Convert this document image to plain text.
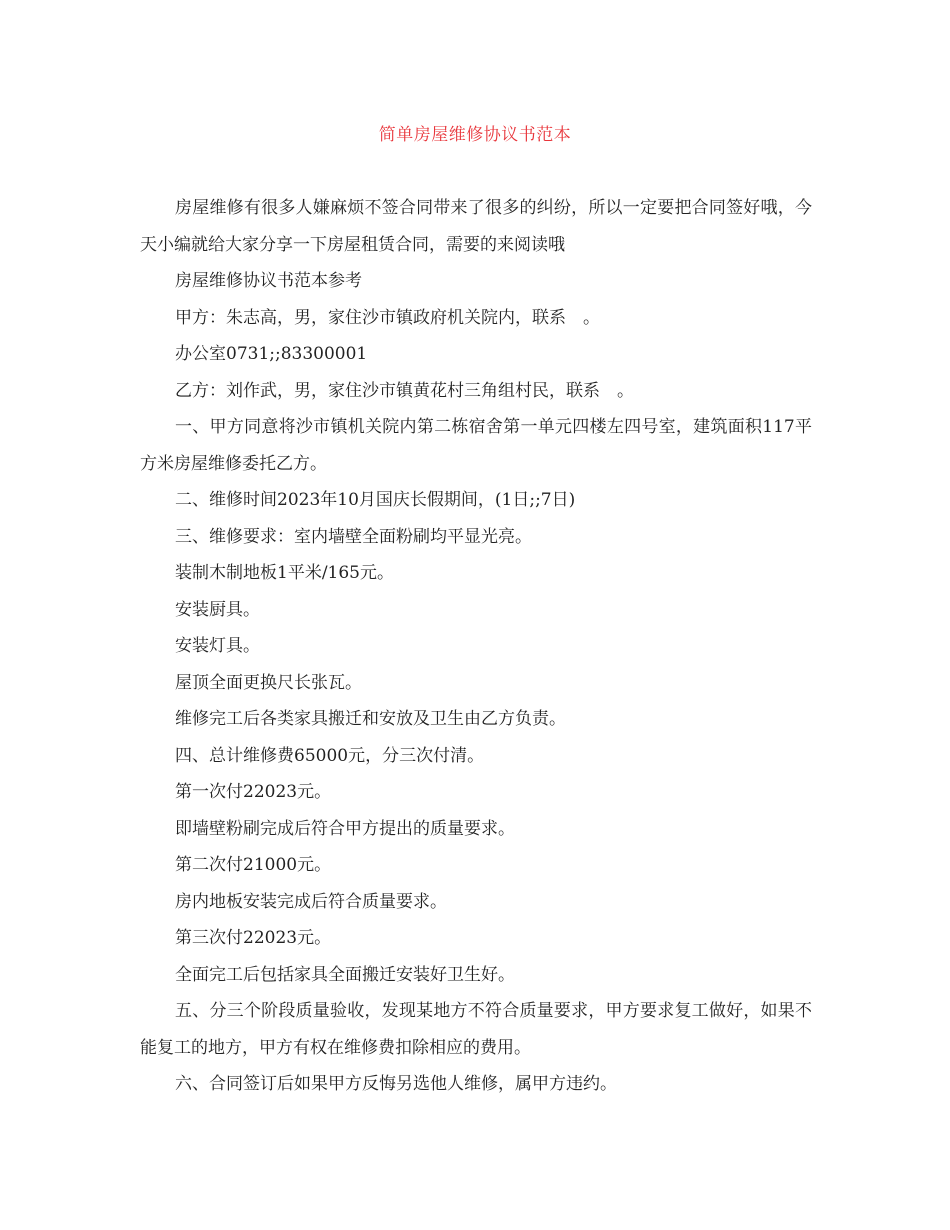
简单房屋维修协议书范本

房屋维修有很多人嫌麻烦不签合同带来了很多的纠纷，所以一定要把合同签好哦，今天小编就给大家分享一下房屋租赁合同，需要的来阅读哦

房屋维修协议书范本参考

甲方：朱志高，男，家住沙市镇政府机关院内，联系　。

办公室0731;;83300001

乙方：刘作武，男，家住沙市镇黄花村三角组村民，联系　。

一、甲方同意将沙市镇机关院内第二栋宿舍第一单元四楼左四号室，建筑面积117平方米房屋维修委托乙方。

二、维修时间2023年10月国庆长假期间，(1日;;7日)

三、维修要求：室内墙壁全面粉刷均平显光亮。

装制木制地板1平米/165元。

安装厨具。

安装灯具。

屋顶全面更换尺长张瓦。

维修完工后各类家具搬迁和安放及卫生由乙方负责。

四、总计维修费65000元，分三次付清。

第一次付22023元。

即墙壁粉刷完成后符合甲方提出的质量要求。

第二次付21000元。

房内地板安装完成后符合质量要求。

第三次付22023元。

全面完工后包括家具全面搬迁安装好卫生好。

五、分三个阶段质量验收，发现某地方不符合质量要求，甲方要求复工做好，如果不能复工的地方，甲方有权在维修费扣除相应的费用。

六、合同签订后如果甲方反悔另选他人维修，属甲方违约。
